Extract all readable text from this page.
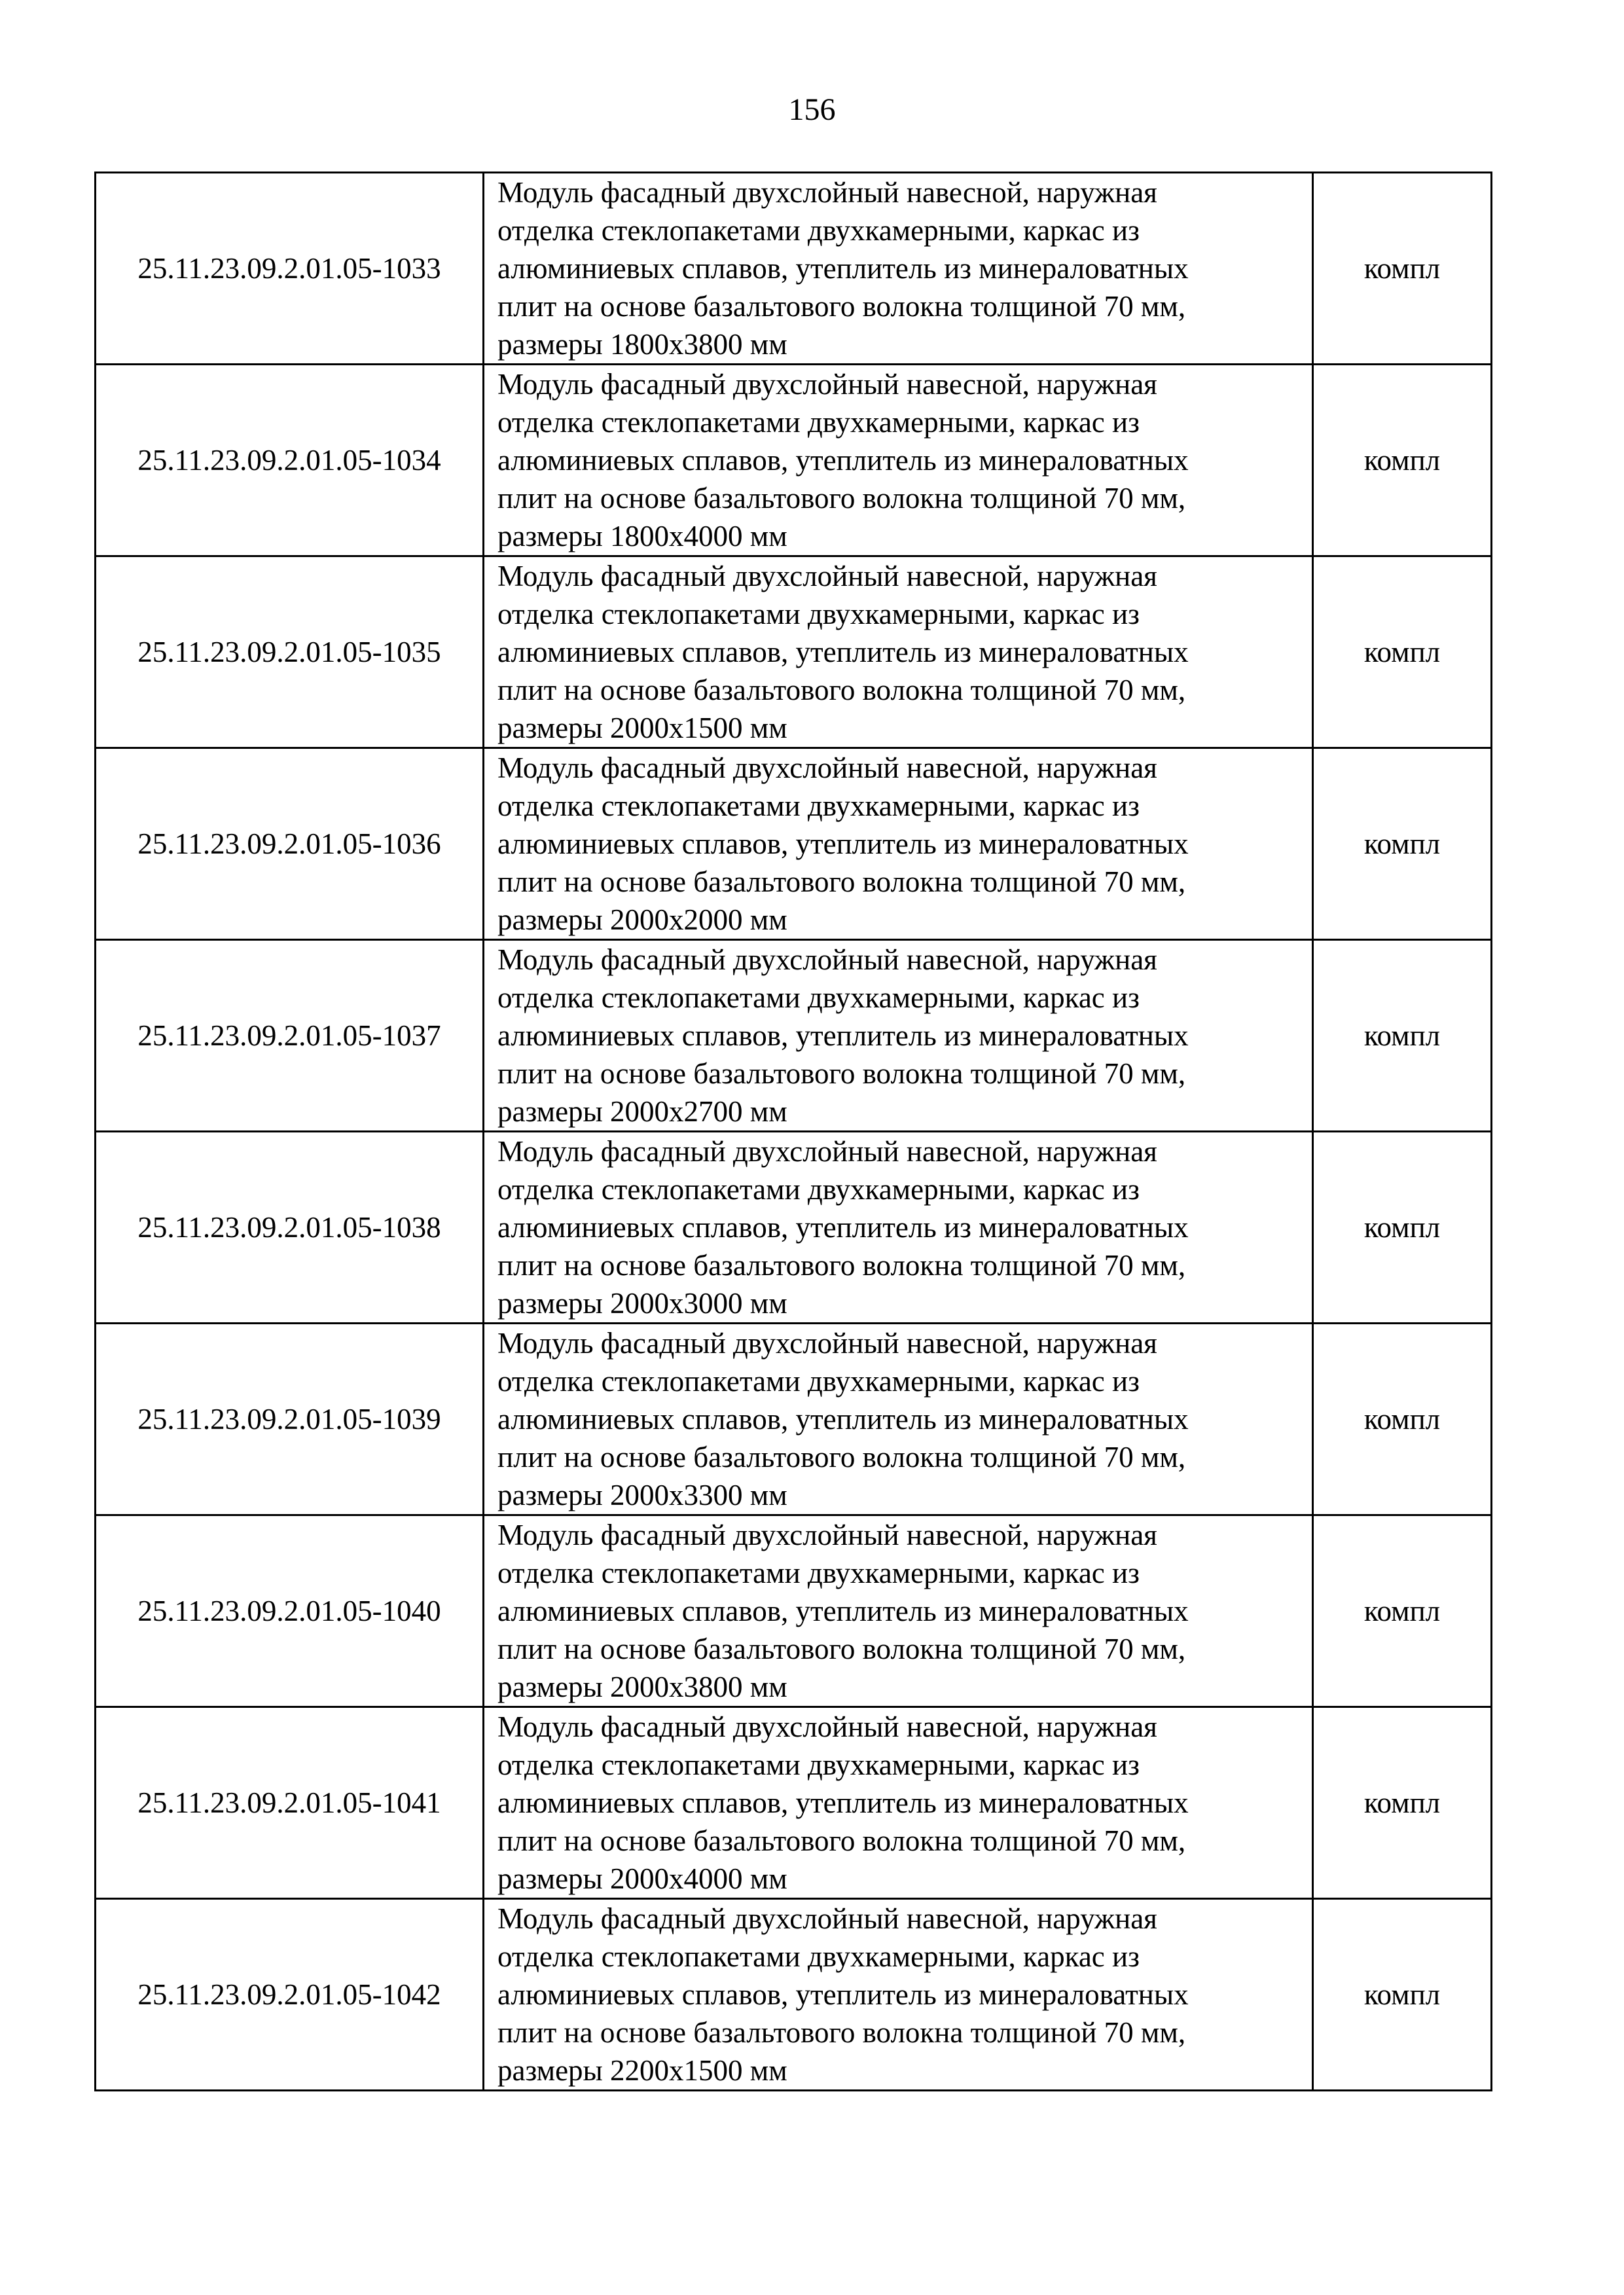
156
25.11.23.09.2.01.05-1033	Модуль фасадный двухслойный навесной, наружная
отделка стеклопакетами двухкамерными, каркас из
алюминиевых сплавов, утеплитель из минераловатных
плит на основе базальтового волокна толщиной 70 мм,
размеры 1800х3800 мм	компл
25.11.23.09.2.01.05-1034	Модуль фасадный двухслойный навесной, наружная
отделка стеклопакетами двухкамерными, каркас из
алюминиевых сплавов, утеплитель из минераловатных
плит на основе базальтового волокна толщиной 70 мм,
размеры 1800х4000 мм	компл
25.11.23.09.2.01.05-1035	Модуль фасадный двухслойный навесной, наружная
отделка стеклопакетами двухкамерными, каркас из
алюминиевых сплавов, утеплитель из минераловатных
плит на основе базальтового волокна толщиной 70 мм,
размеры 2000х1500 мм	компл
25.11.23.09.2.01.05-1036	Модуль фасадный двухслойный навесной, наружная
отделка стеклопакетами двухкамерными, каркас из
алюминиевых сплавов, утеплитель из минераловатных
плит на основе базальтового волокна толщиной 70 мм,
размеры 2000х2000 мм	компл
25.11.23.09.2.01.05-1037	Модуль фасадный двухслойный навесной, наружная
отделка стеклопакетами двухкамерными, каркас из
алюминиевых сплавов, утеплитель из минераловатных
плит на основе базальтового волокна толщиной 70 мм,
размеры 2000х2700 мм	компл
25.11.23.09.2.01.05-1038	Модуль фасадный двухслойный навесной, наружная
отделка стеклопакетами двухкамерными, каркас из
алюминиевых сплавов, утеплитель из минераловатных
плит на основе базальтового волокна толщиной 70 мм,
размеры 2000х3000 мм	компл
25.11.23.09.2.01.05-1039	Модуль фасадный двухслойный навесной, наружная
отделка стеклопакетами двухкамерными, каркас из
алюминиевых сплавов, утеплитель из минераловатных
плит на основе базальтового волокна толщиной 70 мм,
размеры 2000х3300 мм	компл
25.11.23.09.2.01.05-1040	Модуль фасадный двухслойный навесной, наружная
отделка стеклопакетами двухкамерными, каркас из
алюминиевых сплавов, утеплитель из минераловатных
плит на основе базальтового волокна толщиной 70 мм,
размеры 2000х3800 мм	компл
25.11.23.09.2.01.05-1041	Модуль фасадный двухслойный навесной, наружная
отделка стеклопакетами двухкамерными, каркас из
алюминиевых сплавов, утеплитель из минераловатных
плит на основе базальтового волокна толщиной 70 мм,
размеры 2000х4000 мм	компл
25.11.23.09.2.01.05-1042	Модуль фасадный двухслойный навесной, наружная
отделка стеклопакетами двухкамерными, каркас из
алюминиевых сплавов, утеплитель из минераловатных
плит на основе базальтового волокна толщиной 70 мм,
размеры 2200х1500 мм	компл
